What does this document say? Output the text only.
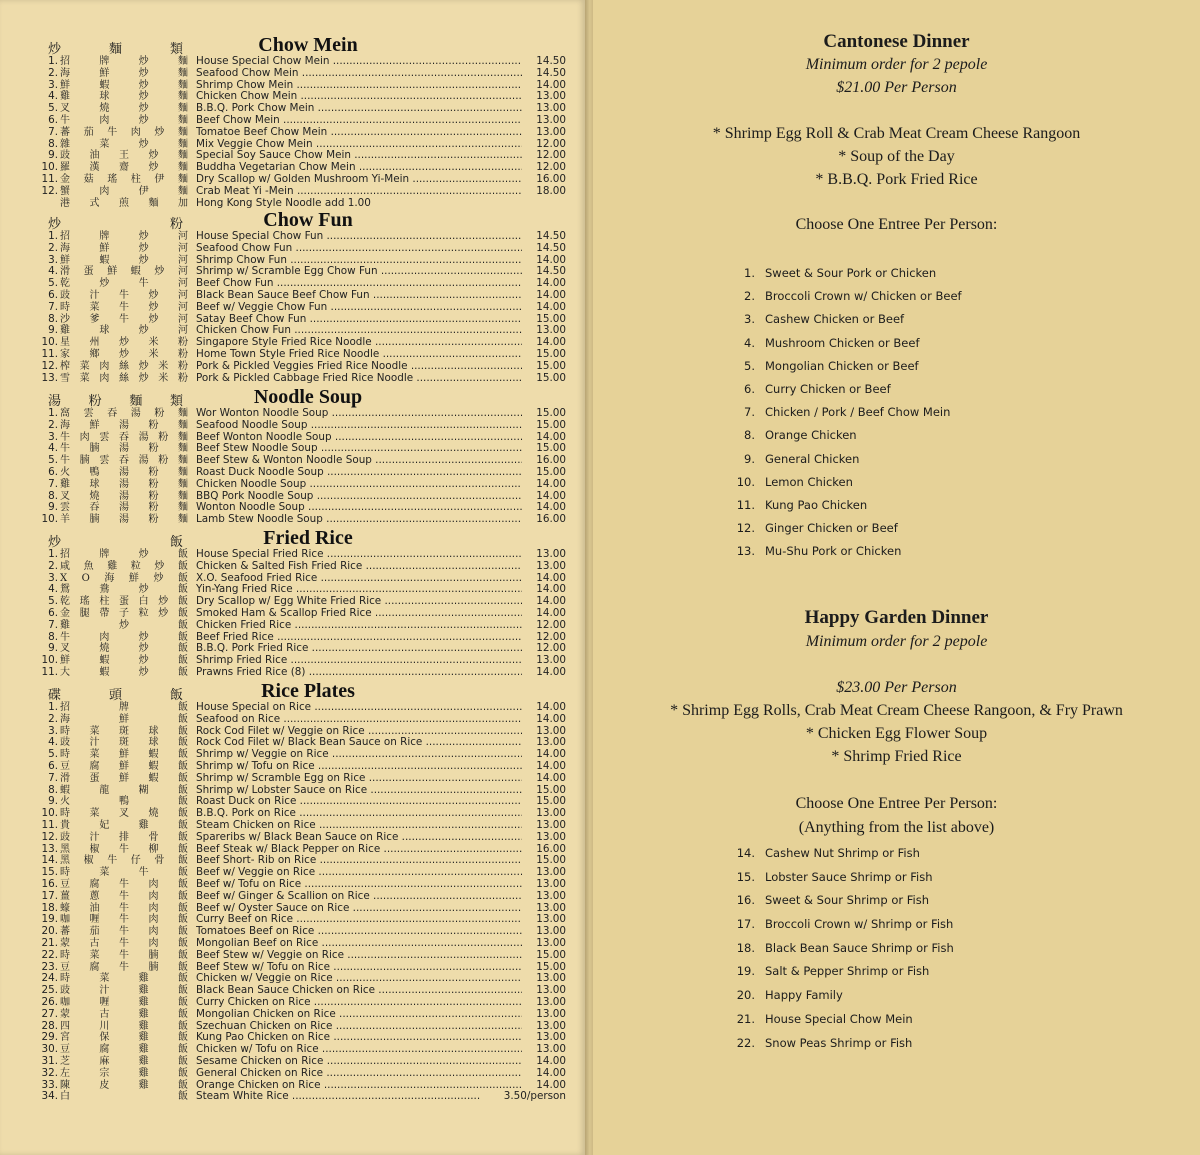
炒	麵	類	Chow Mein
1. 招	牌	炒	麵 House Special Chow Mein .....	14.50
2. 海	鮮	炒	麵 Seafood Chow Mein .....	14.50
3. 鮮	蝦	炒	麵 Shrimp Chow Mein .....	14.00
4. 雞	球	炒	麵 Chicken Chow Mein .....	13.00
5. 叉	燒	炒	麵 B.B.Q. Pork Chow Mein .....	13.00
6. 牛	肉	炒	麵 Beef Chow Mein .....	13.00
7. 蕃 茄 牛 肉 炒 麵 Tomatoe Beef Chow Mein .....	13.00
8. 雜	菜	炒	麵 Mix Veggie Chow Mein .....	12.00
9. 豉 油 王 炒 麵 Special Soy Sauce Chow Mein .....	12.00
10. 羅 漢 齋 炒 麵 Buddha Vegetarian Chow Mein .....	12.00
11. 金 菇 瑤 柱 伊 麵 Dry Scallop w/ Golden Mushroom Yi-Mein .....	16.00
12. 蟹	肉	伊	麵 Crab Meat Yi -Mein .....	18.00
港 式 煎 麵 加 Hong Kong Style Noodle add 1.00
炒	粉	Chow Fun
1. 招	牌	炒	河 House Special Chow Fun .....	14.50
2. 海	鮮	炒	河 Seafood Chow Fun .....	14.50
3. 鮮	蝦	炒	河 Shrimp Chow Fun .....	14.00
4. 滑 蛋 鮮 蝦 炒 河 Shrimp w/ Scramble Egg Chow Fun .....	14.50
5. 乾	炒	牛	河 Beef Chow Fun .....	14.00
6. 豉 汁 牛 炒 河 Black Bean Sauce Beef Chow Fun .....	14.00
7. 時 菜 牛 炒 河 Beef w/ Veggie Chow Fun .....	14.00
8. 沙 爹 牛 炒 河 Satay Beef Chow Fun .....	15.00
9. 雞	球	炒	河 Chicken Chow Fun .....	13.00
10. 星 州 炒 米 粉 Singapore Style Fried Rice Noodle .....	14.00
11. 家 鄉 炒 米 粉 Home Town Style Fried Rice Noodle .....	15.00
12. 榨 菜 肉 絲 炒 米 粉 Pork & Pickled Veggies Fried Rice Noodle .....	15.00
13. 雪 菜 肉 絲 炒 米 粉 Pork & Pickled Cabbage Fried Rice Noodle .....	15.00
湯 粉 麵 類	Noodle Soup
1. 窩 雲 吞 湯 粉 麵 Wor Wonton Noodle Soup .....	15.00
2. 海 鮮 湯 粉 麵 Seafood Noodle Soup .....	15.00
3. 牛 肉 雲 吞 湯 粉 麵 Beef Wonton Noodle Soup .....	14.00
4. 牛 腩 湯 粉 麵 Beef Stew Noodle Soup .....	15.00
5. 牛 腩 雲 吞 湯 粉 麵 Beef Stew & Wonton Noodle Soup .....	16.00
6. 火 鴨 湯 粉 麵 Roast Duck Noodle Soup .....	15.00
7. 雞 球 湯 粉 麵 Chicken Noodle Soup .....	14.00
8. 叉 燒 湯 粉 麵 BBQ Pork Noodle Soup .....	14.00
9. 雲 吞 湯 粉 麵 Wonton Noodle Soup .....	14.00
10. 羊 腩 湯 粉 麵 Lamb Stew Noodle Soup .....	16.00
炒	飯	Fried Rice
1. 招	牌	炒	飯 House Special Fried Rice .....	13.00
2. 咸 魚 雞 粒 炒 飯 Chicken & Salted Fish Fried Rice .....	13.00
3. X O 海 鮮 炒 飯 X.O. Seafood Fried Rice .....	14.00
4. 鴛	鴦	炒	飯 Yin-Yang Fried Rice .....	14.00
5. 乾 瑤 柱 蛋 白 炒 飯 Dry Scallop w/ Egg White Fried Rice .....	14.00
6. 金 腿 帶 子 粒 炒 飯 Smoked Ham & Scallop Fried Rice .....	14.00
7. 雞	炒	飯 Chicken Fried Rice .....	12.00
8. 牛	肉	炒	飯 Beef Fried Rice .....	12.00
9. 叉	燒	炒	飯 B.B.Q. Pork Fried Rice .....	12.00
10. 鮮	蝦	炒	飯 Shrimp Fried Rice .....	13.00
11. 大	蝦	炒	飯 Prawns Fried Rice (8) .....	14.00
碟	頭	飯	Rice Plates
1. 招	牌	飯 House Special on Rice .....	14.00
2. 海	鮮	飯 Seafood on Rice .....	14.00
3. 時 菜 斑 球 飯 Rock Cod Filet w/ Veggie on Rice .....	13.00
4. 豉 汁 斑 球 飯 Rock Cod Filet w/ Black Bean Sauce on Rice .....	13.00
5. 時 菜 鮮 蝦 飯 Shrimp w/ Veggie on Rice .....	14.00
6. 豆 腐 鮮 蝦 飯 Shrimp w/ Tofu on Rice .....	14.00
7. 滑 蛋 鮮 蝦 飯 Shrimp w/ Scramble Egg on Rice .....	14.00
8. 蝦	龍	糊	飯 Shrimp w/ Lobster Sauce on Rice .....	15.00
9. 火	鴨	飯 Roast Duck on Rice .....	15.00
10. 時 菜 叉 燒 飯 B.B.Q. Pork on Rice .....	13.00
11. 貴	妃	雞	飯 Steam Chicken on Rice .....	13.00
12. 豉 汁 排 骨 飯 Spareribs w/ Black Bean Sauce on Rice .....	13.00
13. 黑 椒 牛 柳 飯 Beef Steak w/ Black Pepper on Rice .....	16.00
14. 黑 椒 牛 仔 骨 飯 Beef Short- Rib on Rice .....	15.00
15. 時	菜	牛	飯 Beef w/ Veggie on Rice .....	13.00
16. 豆 腐 牛 肉 飯 Beef w/ Tofu on Rice .....	13.00
17. 薑 蔥 牛 肉 飯 Beef w/ Ginger & Scallion on Rice .....	13.00
18. 蠔 油 牛 肉 飯 Beef w/ Oyster Sauce on Rice .....	13.00
19. 咖 喱 牛 肉 飯 Curry Beef on Rice .....	13.00
20. 蕃 茄 牛 肉 飯 Tomatoes Beef on Rice .....	13.00
21. 蒙 古 牛 肉 飯 Mongolian Beef on Rice .....	13.00
22. 時 菜 牛 腩 飯 Beef Stew w/ Veggie on Rice .....	15.00
23. 豆 腐 牛 腩 飯 Beef Stew w/ Tofu on Rice .....	15.00
24. 時	菜	雞	飯 Chicken w/ Veggie on Rice .....	13.00
25. 豉	汁	雞	飯 Black Bean Sauce Chicken on Rice .....	13.00
26. 咖	喱	雞	飯 Curry Chicken on Rice .....	13.00
27. 蒙	古	雞	飯 Mongolian Chicken on Rice .....	13.00
28. 四	川	雞	飯 Szechuan Chicken on Rice .....	13.00
29. 宮	保	雞	飯 Kung Pao Chicken on Rice .....	13.00
30. 豆	腐	雞	飯 Chicken w/ Tofu on Rice .....	13.00
31. 芝	麻	雞	飯 Sesame Chicken on Rice .....	14.00
32. 左	宗	雞	飯 General Chicken on Rice .....	14.00
33. 陳	皮	雞	飯 Orange Chicken on Rice .....	14.00
34. 白	飯 Steam White Rice .....	3.50/person
Cantonese Dinner
Minimum order for 2 pepole
$21.00 Per Person
* Shrimp Egg Roll & Crab Meat Cream Cheese Rangoon
* Soup of the Day
* B.B.Q. Pork Fried Rice
Choose One Entree Per Person:
1. Sweet & Sour Pork or Chicken
2. Broccoli Crown w/ Chicken or Beef
3. Cashew Chicken or Beef
4. Mushroom Chicken or Beef
5. Mongolian Chicken or Beef
6. Curry Chicken or Beef
7. Chicken / Pork / Beef Chow Mein
8. Orange Chicken
9. General Chicken
10. Lemon Chicken
11. Kung Pao Chicken
12. Ginger Chicken or Beef
13. Mu-Shu Pork or Chicken
Happy Garden Dinner
Minimum order for 2 pepole
$23.00 Per Person
* Shrimp Egg Rolls, Crab Meat Cream Cheese Rangoon, & Fry Prawn
* Chicken Egg Flower Soup
* Shrimp Fried Rice
Choose One Entree Per Person:
(Anything from the list above)
14. Cashew Nut Shrimp or Fish
15. Lobster Sauce Shrimp or Fish
16. Sweet & Sour Shrimp or Fish
17. Broccoli Crown w/ Shrimp or Fish
18. Black Bean Sauce Shrimp or Fish
19. Salt & Pepper Shrimp or Fish
20. Happy Family
21. House Special Chow Mein
22. Snow Peas Shrimp or Fish
